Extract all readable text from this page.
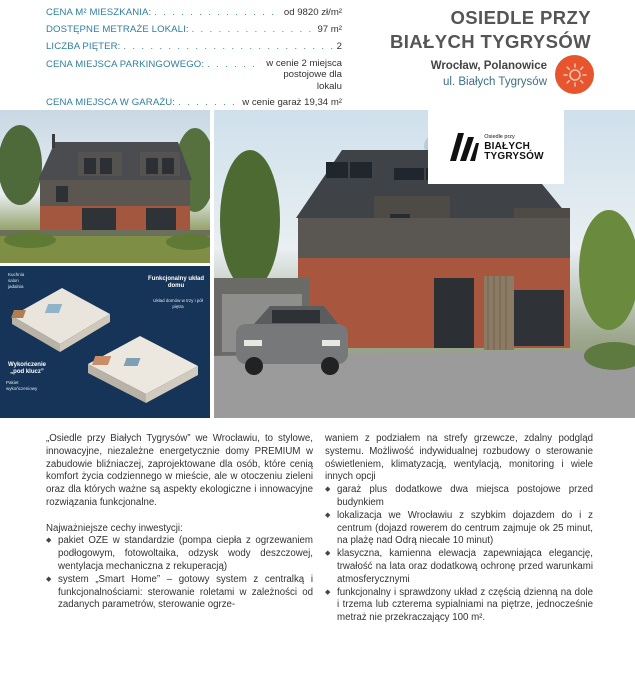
CENA M² MIESZKANIA: . . .	od 9820 zł/m²
DOSTĘPNE METRAŻE LOKALI: . . .	97 m²
LICZBA PIĘTER: . . .	2
CENA MIEJSCA PARKINGOWEGO: . . .	w cenie 2 miejsca postojowe dla lokalu
CENA MIEJSCA W GARAŻU: . . .	w cenie garaż 19,34 m²
OSIEDLE PRZY
BIAŁYCH TYGRYSÓW
Wrocław, Polanowice
ul. Białych Tygrysów
Kuchnia
salon
jadalnia
Funkcjonalny układ domu
Układ domów w trzy i pół piętra
Wykończenie „pod klucz”
Pakiet wykończeniowy
Osiedle przy
BIAŁYCH
TYGRYSÓW

„Osiedle przy Białych Tygrysów” we Wrocławiu, to stylowe, innowacyjne, niezależne energetycznie domy PREMIUM w zabudowie bliźniaczej, zaprojektowane dla osób, które cenią komfort życia codziennego w mieście, ale w otoczeniu zieleni oraz dla których ważne są aspekty ekologiczne i innowacyjne rozwiązania funkcjonalne.

Najważniejsze cechy inwestycji:
◆ pakiet OZE w standardzie (pompa ciepła z ogrzewaniem podłogowym, fotowoltaika, odzysk wody deszczowej, wentylacja mechaniczna z rekuperacją)
◆ system „Smart Home” – gotowy system z centralką i funkcjonalnościami: sterowanie roletami w zależności od zadanych parametrów, sterowanie ogrze-
waniem z podziałem na strefy grzewcze, zdalny podgląd systemu. Możliwość indywidualnej rozbudowy o sterowanie oświetleniem, klimatyzacją, wentylacją, monitoring i wiele innych opcji
◆ garaż plus dodatkowe dwa miejsca postojowe przed budynkiem
◆ lokalizacja we Wrocławiu z szybkim dojazdem do i z centrum (dojazd rowerem do centrum zajmuje ok 25 minut, na plażę nad Odrą niecałe 10 minut)
◆ klasyczna, kamienna elewacja zapewniająca elegancję, trwałość na lata oraz dodatkową ochronę przed warunkami atmosferycznymi
◆ funkcjonalny i sprawdzony układ z częścią dzienną na dole i trzema lub czterema sypialniami na piętrze, jednocześnie metraż nie przekraczający 100 m².
